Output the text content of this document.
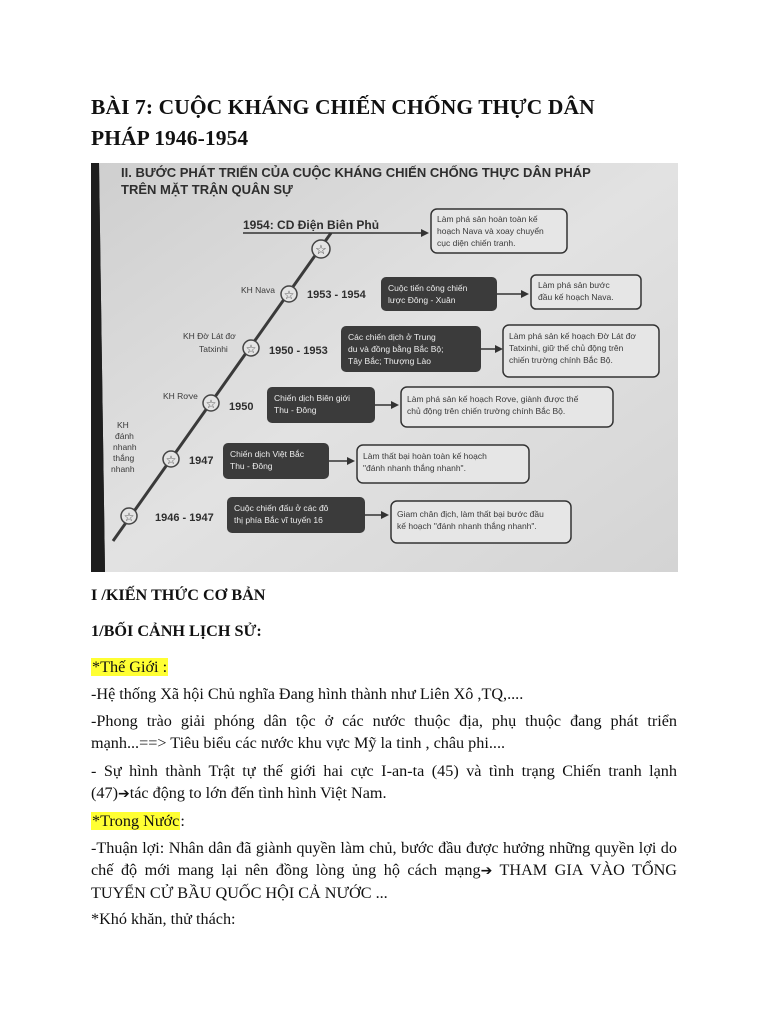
BÀI 7: CUỘC KHÁNG CHIẾN CHỐNG THỰC DÂN
PHÁP 1946-1954
II. BƯỚC PHÁT TRIỂN CỦA CUỘC KHÁNG CHIẾN CHỐNG THỰC DÂN PHÁP
TRÊN MẶT TRẬN QUÂN SỰ
☆
☆
☆
☆
☆
☆
KH Nava
KH Đờ Lát đơ
Tatxinhi
KH Rơve
KH
đánh
nhanh
thắng
nhanh
1954: CD Điện Biên Phủ	Làm phá sản hoàn toàn kế
hoạch Nava và xoay chuyển
cục diện chiến tranh.
1953 - 1954
Cuộc tiến công chiến
lược Đông - Xuân
Làm phá sản bước
đầu kế hoạch Nava.
1950 - 1953
Các chiến dịch ở Trung
du và đồng bằng Bắc Bộ;
Tây Bắc; Thượng Lào
Làm phá sản kế hoạch Đờ Lát đơ
Tatxinhi, giữ thế chủ động trên
chiến trường chính Bắc Bộ.
1950
Chiến dịch Biên giới
Thu - Đông
Làm phá sản kế hoạch Rơve, giành được thế
chủ động trên chiến trường chính Bắc Bộ.
1947
Chiến dịch Việt Bắc
Thu - Đông
Làm thất bại hoàn toàn kế hoạch
"đánh nhanh thắng nhanh".
1946 - 1947
Cuộc chiến đấu ở các đô
thị phía Bắc vĩ tuyến 16
Giam chân địch, làm thất bại bước đầu
kế hoạch "đánh nhanh thắng nhanh".

I /KIẾN THỨC CƠ BẢN

1/BỐI CẢNH LỊCH SỬ:

*Thế Giới :

-Hệ thống Xã hội Chủ nghĩa Đang hình thành như Liên Xô ,TQ,....

-Phong trào giải phóng dân tộc ở các nước thuộc địa, phụ thuộc đang phát triển mạnh...==> Tiêu biểu các nước khu vực Mỹ la tinh , châu phi....

- Sự hình thành Trật tự thế giới hai cực I-an-ta (45) và tình trạng Chiến tranh lạnh (47)➔tác động to lớn đến tình hình Việt Nam.

*Trong Nước:

-Thuận lợi: Nhân dân đã giành quyền làm chủ, bước đầu được hưởng những quyền lợi do chế độ mới mang lại nên đồng lòng ủng hộ cách mạng➔ THAM GIA VÀO TỔNG TUYỂN CỬ BẦU QUỐC HỘI CẢ NƯỚC ...

*Khó khăn, thử thách:
